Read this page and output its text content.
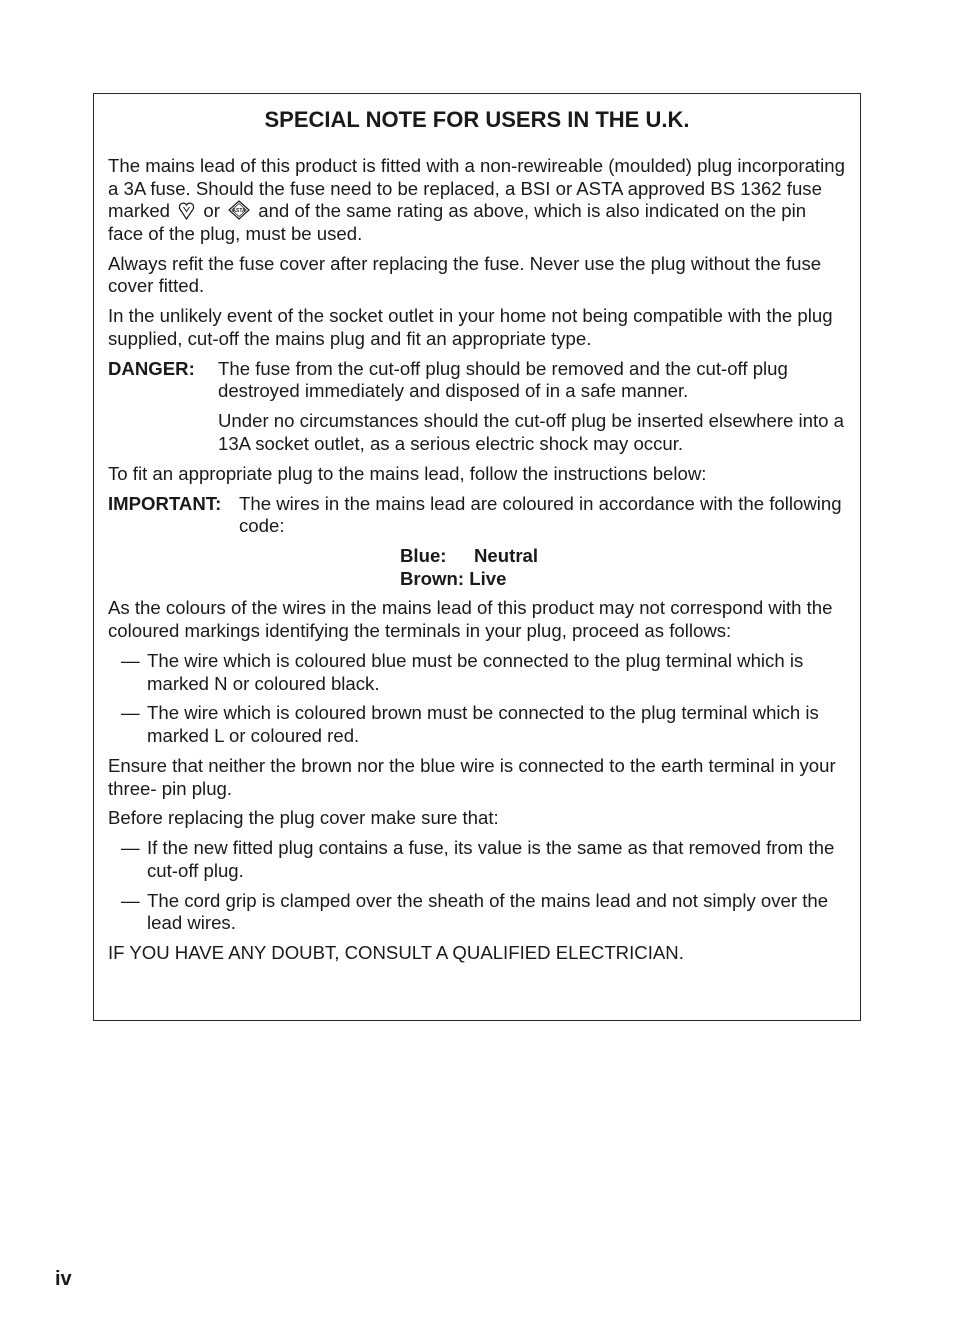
SPECIAL NOTE FOR USERS IN THE U.K.

The mains lead of this product is fitted with a non-rewireable (moulded) plug incorporating a 3A fuse. Should the fuse need to be replaced, a BSI or ASTA approved BS 1362 fuse marked or	ASTA and of the same rating as above, which is also indicated on the pin face of the plug, must be used.

Always refit the fuse cover after replacing the fuse. Never use the plug without the fuse cover fitted.

In the unlikely event of the socket outlet in your home not being compatible with the plug supplied, cut-off the mains plug and fit an appropriate type.

DANGER:	The fuse from the cut-off plug should be removed and the cut-off plug destroyed immediately and disposed of in a safe manner.

Under no circumstances should the cut-off plug be inserted elsewhere into a 13A socket outlet, as a serious electric shock may occur.

To fit an appropriate plug to the mains lead, follow the instructions below:

IMPORTANT: The wires in the mains lead are coloured in accordance with the following code:
Blue: Neutral
Brown: Live

As the colours of the wires in the mains lead of this product may not correspond with the coloured markings identifying the terminals in your plug, proceed as follows:

— The wire which is coloured blue must be connected to the plug terminal which is marked N or coloured black.
— The wire which is coloured brown must be connected to the plug terminal which is marked L or coloured red.

Ensure that neither the brown nor the blue wire is connected to the earth terminal in your three- pin plug.

Before replacing the plug cover make sure that:

— If the new fitted plug contains a fuse, its value is the same as that removed from the cut-off plug.
— The cord grip is clamped over the sheath of the mains lead and not simply over the lead wires.

IF YOU HAVE ANY DOUBT, CONSULT A QUALIFIED ELECTRICIAN.

iv
